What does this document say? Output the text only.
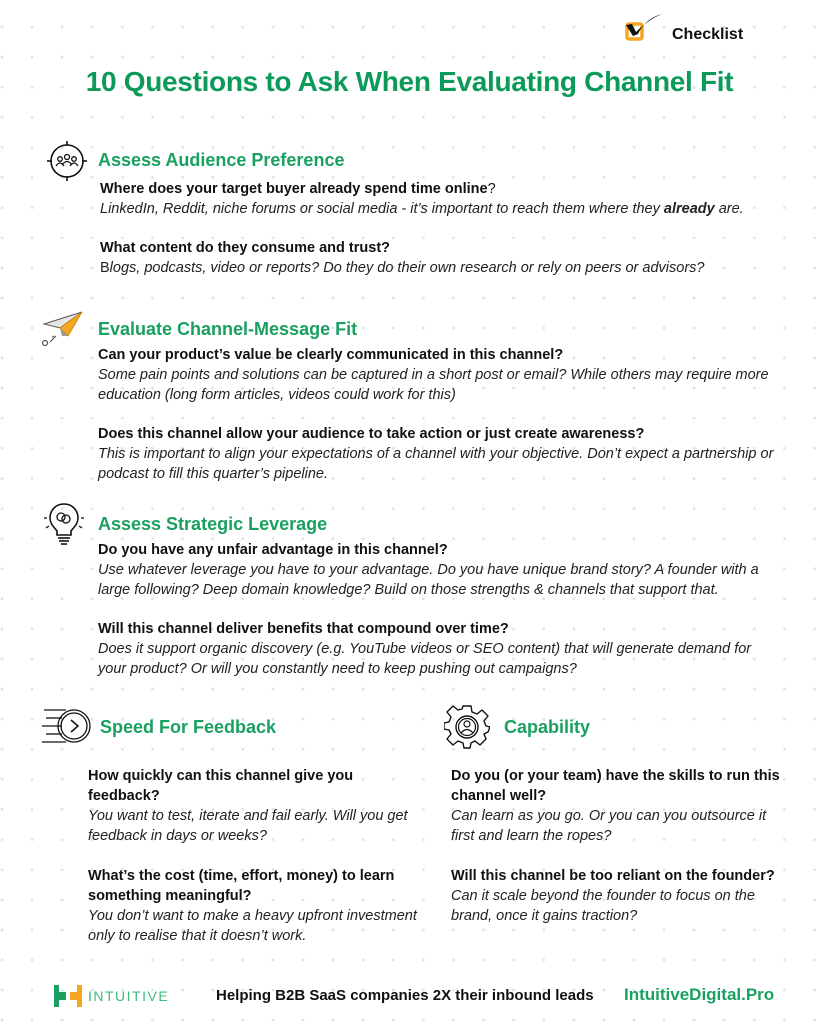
Checklist
10 Questions to Ask When Evaluating Channel Fit
Assess Audience Preference
Where does your target buyer already spend time online?
LinkedIn, Reddit, niche forums or social media - it’s important to reach them where they already are.
What content do they consume and trust?
Blogs, podcasts, video or reports? Do they do their own research or rely on peers or advisors?
Evaluate Channel-Message Fit
Can your product’s value be clearly communicated in this channel?
Some pain points and solutions can be captured in a short post or email? While others may require more education (long form articles, videos could work for this)
Does this channel allow your audience to take action or just create awareness?
This is important to align your expectations of a channel with your objective. Don’t expect a partnership or podcast to fill this quarter’s pipeline.
Assess Strategic Leverage
Do you have any unfair advantage in this channel?
Use whatever leverage you have to your advantage. Do you have unique brand story? A founder with a large following? Deep domain knowledge? Build on those strengths & channels that support that.
Will this channel deliver benefits that compound over time?
Does it support organic discovery (e.g. YouTube videos or SEO content) that will generate demand for your product? Or will you constantly need to keep pushing out campaigns?
Speed For Feedback
How quickly can this channel give you feedback?
You want to test, iterate and fail early. Will you get feedback in days or weeks?
What’s the cost (time, effort, money) to learn something meaningful?
You don’t want to make a heavy upfront investment only to realise that it doesn’t work.
Capability
Do you (or your team) have the skills to run this channel well?
Can learn as you go. Or you can you outsource it first and learn the ropes?
Will this channel be too reliant on the founder?
Can it scale beyond the founder to focus on the brand, once it gains traction?
INTUITIVE	Helping B2B SaaS companies 2X their inbound leads IntuitiveDigital.Pro
